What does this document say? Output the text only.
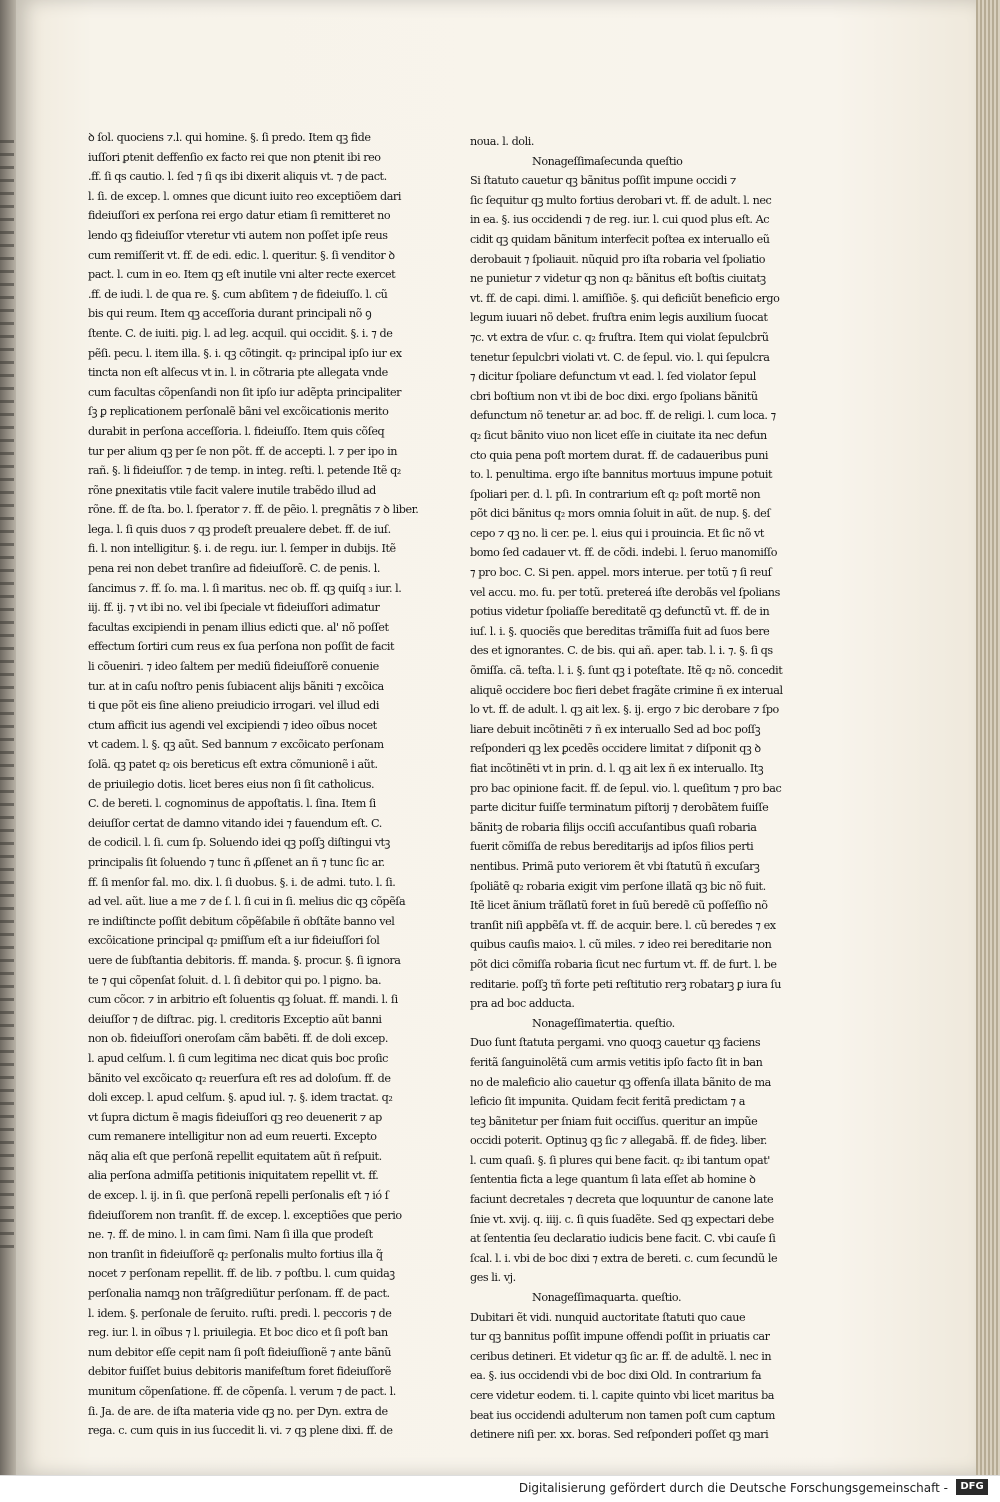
ꝺ ſol. quociens ⁊.l. qui homine. §. ſi predo. Item qꝫ fide
iuſſori ꝑtenit deffenſio ex facto rei que non ꝑtenit ibi reo
.ff. ſi qs cautio. l. ſed ⁊ ſi qs ibi dixerit aliquis vt. ⁊ de pact.
l. ſi. de excep. l. omnes que dicunt iuito reo exceptiõem dari
fideiuſſori ex perſona rei ergo datur etiam ſi remitteret no
lendo qꝫ fideiuſſor vteretur vti autem non poſſet ipſe reus
cum remiſſerit vt. ff. de edi. edic. l. queritur. §. ſi venditor ꝺ
pact. l. cum in eo. Item qꝫ eſt inutile vni alter recte exercet
.ff. de iudi. l. de qua re. §. cum abſitem ⁊ de fideiuſſo. l. cũ
bis qui reum. Item qꝫ acceſſoria durant principali nõ ꝯ
ſtente. C. de iuiti. pig. l. ad leg. acquil. qui occidit. §. i. ⁊ de
pẽſi. pecu. l. item illa. §. i. qꝫ cõtingit. q₂ principal ipſo iur ex
tincta non eſt alſecus vt in. l. in cõtraria pte allegata vnde
cum facultas cõpenſandi non ſit ipſo iur adẽpta principaliter
ſꝫ ꝑ replicationem perſonalẽ bãni vel excõicationis merito
durabit in perſona acceſſoria. l. fideiuſſo. Item quis cõſeq
tur per alium qꝫ per ſe non põt. ff. de accepti. l. ⁊ per ipo in
rañ. §. li fideiuſſor. ⁊ de temp. in integ. reſti. l. petende Itẽ q₂
rõne ꝑnexitatis vtile facit valere inutile trabẽdo illud ad
rõne. ff. de ſta. bo. l. ſperator ⁊. ff. de pẽio. l. pregnãtis ⁊ ꝺ liber.
lega. l. ſi quis duos ⁊ qꝫ prodeſt preualere debet. ff. de iuſ.
fi. l. non intelligitur. §. i. de regu. iur. l. ſemper in dubijs. Itẽ
pena rei non debet tranſire ad fideiuſſorẽ. C. de penis. l.
ſancimus ⁊. ff. ſo. ma. l. ſi maritus. nec ob. ff. qꝫ quiſq ₃ iur. l.
iij. ff. ij. ⁊ vt ibi no. vel ibi ſpeciale vt fideiuſſori adimatur
facultas excipiendi in penam illius edicti que. al' nõ poſſet
effectum ſortiri cum reus ex ſua perſona non poſſit de facit
li cõueniri. ⁊ ideo ſaltem per mediũ fideiuſſorẽ conuenie
tur. at in caſu noſtro penis ſubiacent alijs bãniti ⁊ excõica
ti que põt eis ſine alieno preiudicio irrogari. vel illud edi
ctum afficit ius agendi vel excipiendi ⁊ ideo oĩbus nocet
vt cadem. l. §. qꝫ aũt. Sed bannum ⁊ excõicato perſonam
ſolã. qꝫ patet q₂ ois bereticus eſt extra cõmunionẽ i aũt.
de priuilegio dotis. licet beres eius non ſi ſit catholicus.
C. de bereti. l. cognominus de appoſtatis. l. ſina. Item ſi
deiuſſor certat de damno vitando idei ⁊ fauendum eſt. C.
de codicil. l. ſi. cum ſp. Soluendo idei qꝫ poſſꝫ diſtingui vtꝫ
principalis ſit ſoluendo ⁊ tunc ñ ꝓſſenet an ñ ⁊ tunc ſic ar.
ff. ſi menſor fal. mo. dix. l. ſi duobus. §. i. de admi. tuto. l. ſi.
ad vel. aũt. liue a me ⁊ de ſ. l. ſi cui in ſi. melius dic qꝫ cõpẽſa
re indiſtincte poſſit debitum cõpẽſabile ñ obſtãte banno vel
excõicatione principal q₂ pmiſſum eſt a iur fideiuſſori ſol
uere de ſubſtantia debitoris. ff. manda. §. procur. §. ſi ignora
te ⁊ qui cõpenſat ſoluit. d. l. ſi debitor qui po. l pigno. ba.
cum cõcor. ⁊ in arbitrio eſt ſoluentis qꝫ ſoluat. ff. mandi. l. ſi
deiuſſor ⁊ de diſtrac. pig. l. creditoris Exceptio aũt banni
non ob. fideiuſſori oneroſam cãm babẽti. ff. de doli excep.
l. apud celſum. l. ſi cum legitima nec dicat quis boc proſic
bãnito vel excõicato q₂ reuerſura eſt res ad doloſum. ff. de
doli excep. l. apud celſum. §. apud iul. ⁊. §. idem tractat. q₂
vt ſupra dictum ẽ magis fideiuſſori qꝫ reo deuenerit ⁊ ap
cum remanere intelligitur non ad eum reuerti. Excepto
nãq alia eſt que perſonã repellit equitatem aũt ñ reſpuit.
alia perſona admiſſa petitionis iniquitatem repellit vt. ff.
de excep. l. ij. in ſi. que perſonã repelli perſonalis eſt ⁊ ió ſ
fideiuſſorem non tranſit. ff. de excep. l. exceptiões que perio
ne. ⁊. ff. de mino. l. in cam ſimi. Nam ſi illa que prodeſt
non tranſit in fideiuſſorẽ q₂ perſonalis multo fortius illa q̃
nocet ⁊ perſonam repellit. ff. de lib. ⁊ poſtbu. l. cum quidaꝫ
perſonalia namqꝫ non trãſgrediũtur perſonam. ff. de pact.
l. idem. §. perſonale de ſeruito. ruſti. predi. l. peccoris ⁊ de
reg. iur. l. in oĩbus ⁊ l. priuilegia. Et boc dico et ſi poſt ban
num debitor eſſe cepit nam ſi poſt fideiuſſionẽ ⁊ ante bãnũ
debitor fuiſſet buius debitoris manifeſtum foret fideiuſſorẽ
munitum cõpenſatione. ff. de cõpenſa. l. verum ⁊ de pact. l.
ſi. Ja. de are. de iſta materia vide qꝫ no. per Dyn. extra de
rega. c. cum quis in ius ſuccedit li. vi. ⁊ qꝫ plene dixi. ff. de
noua. l. doli.
Nonageſſimaſecunda queſtio
Si ſtatuto cauetur qꝫ bãnitus poſſit impune occidi ⁊
ſic ſequitur qꝫ multo fortius derobari vt. ff. de adult. l. nec
in ea. §. ius occidendi ⁊ de reg. iur. l. cui quod plus eſt. Ac
cidit qꝫ quidam bãnitum interfecit poſtea ex interuallo eũ
derobauit ⁊ ſpoliauit. nũquid pro iſta robaria vel ſpoliatio
ne punietur ⁊ videtur qꝫ non q₂ bãnitus eſt boſtis ciuitatꝫ
vt. ff. de capi. dimi. l. amiſſiõe. §. qui deficiũt beneficio ergo
legum iuuari nõ debet. fruſtra enim legis auxilium ſuocat
⁊c. vt extra de vſur. c. q₂ fruſtra. Item qui violat ſepulcbrũ
tenetur ſepulcbri violati vt. C. de ſepul. vio. l. qui ſepulcra
⁊ dicitur ſpoliare defunctum vt ead. l. ſed violator ſepul
cbri boſtium non vt ibi de boc dixi. ergo ſpolians bãnitũ
defunctum nõ tenetur ar. ad boc. ff. de religi. l. cum loca. ⁊
q₂ ſicut bãnito viuo non licet eſſe in ciuitate ita nec defun
cto quia pena poſt mortem durat. ff. de cadaueribus puni
to. l. penultima. ergo iſte bannitus mortuus impune potuit
ſpoliari per. d. l. pſi. In contrarium eſt q₂ poſt mortẽ non
põt dici bãnitus q₂ mors omnia ſoluit in aũt. de nup. §. deſ
cepo ⁊ qꝫ no. li cer. pe. l. eius qui i prouincia. Et ſic nõ vt
bomo ſed cadauer vt. ff. de cõdi. indebi. l. ſeruo manomiſſo
⁊ pro boc. C. Si pen. appel. mors interue. per totũ ⁊ ſi reuſ
vel accu. mo. fu. per totũ. pretereá iſte derobãs vel ſpolians
potius videtur ſpoliaſſe bereditatẽ qꝫ defunctũ vt. ff. de in
iuſ. l. i. §. quociẽs que bereditas trãmiſſa fuit ad ſuos bere
des et ignorantes. C. de bis. qui añ. aper. tab. l. i. ⁊. §. ſi qs
õmiſſa. cã. teſta. l. i. §. ſunt qꝫ i poteſtate. Itẽ q₂ nõ. concedit
aliquẽ occidere boc fieri debet fragãte crimine ñ ex interual
lo vt. ff. de adult. l. qꝫ ait lex. §. ij. ergo ⁊ bic derobare ⁊ ſpo
liare debuit incõtinẽti ⁊ ñ ex interuallo Sed ad boc poſſꝫ
reſponderi qꝫ lex ꝑcedẽs occidere limitat ⁊ diſponit qꝫ ꝺ
fiat incõtinẽti vt in prin. d. l. qꝫ ait lex ñ ex interuallo. Itꝫ
pro bac opinione facit. ff. de ſepul. vio. l. queſitum ⁊ pro bac
parte dicitur fuiſſe terminatum piſtorij ⁊ derobãtem fuiſſe
bãnitꝫ de robaria filijs occiſi accuſantibus quaſi robaria
fuerit cõmiſſa de rebus bereditarijs ad ipſos filios perti
nentibus. Primã puto veriorem ẽt vbi ſtatutũ ñ excuſarꝫ
ſpoliãtẽ q₂ robaria exigit vim perſone illatã qꝫ bic nõ fuit.
Itẽ licet ãnium trãſlatũ foret in ſuũ beredẽ cũ poſſeſſio nõ
tranſit niſi apꝑbẽſa vt. ff. de acquir. bere. l. cũ beredes ⁊ ex
quibus cauſis maioꝛ. l. cũ miles. ⁊ ideo rei bereditarie non
põt dici cõmiſſa robaria ſicut nec furtum vt. ff. de furt. l. be
reditarie. poſſꝫ tñ forte peti reſtitutio rerꝫ robatarꝫ ꝑ iura ſu
pra ad boc adducta.
Nonageſſimatertia. queſtio.
Duo ſunt ſtatuta pergami. vno quoqꝫ cauetur qꝫ faciens
feritã ſanguinolẽtã cum armis vetitis ipſo facto ſit in ban
no de maleficio alio cauetur qꝫ offenſa illata bãnito de ma
leficio ſit impunita. Quidam fecit feritã predictam ⁊ a
teꝫ bãnitetur per ſniam fuit occiſſus. queritur an impũe
occidi poterit. Optinuꝫ qꝫ ſic ⁊ allegabã. ff. de fideꝫ. liber.
l. cum quaſi. §. ſi plures qui bene facit. q₂ ibi tantum opat'
ſententia ficta a lege quantum ſi lata eſſet ab homine ꝺ
faciunt decretales ⁊ decreta que loquuntur de canone late
ſnie vt. xvij. q. iiij. c. ſi quis ſuadẽte. Sed qꝫ expectari debe
at ſententia ſeu declaratio iudicis bene facit. C. vbi cauſe ſi
ſcal. l. i. vbi de boc dixi ⁊ extra de bereti. c. cum ſecundũ le
ges li. vj.
Nonageſſimaquarta. queſtio.
Dubitari ẽt vidi. nunquid auctoritate ſtatuti quo caue
tur qꝫ bannitus poſſit impune offendi poſſit in priuatis car
ceribus detineri. Et videtur qꝫ ſic ar. ff. de adultẽ. l. nec in
ea. §. ius occidendi vbi de boc dixi Old. In contrarium fa
cere videtur eodem. ti. l. capite quinto vbi licet maritus ba
beat ius occidendi adulterum non tamen poſt cum captum
detinere niſi per. xx. boras. Sed reſponderi poſſet qꝫ mari
Digitalisierung gefördert durch die Deutsche Forschungsgemeinschaft -	DFG
